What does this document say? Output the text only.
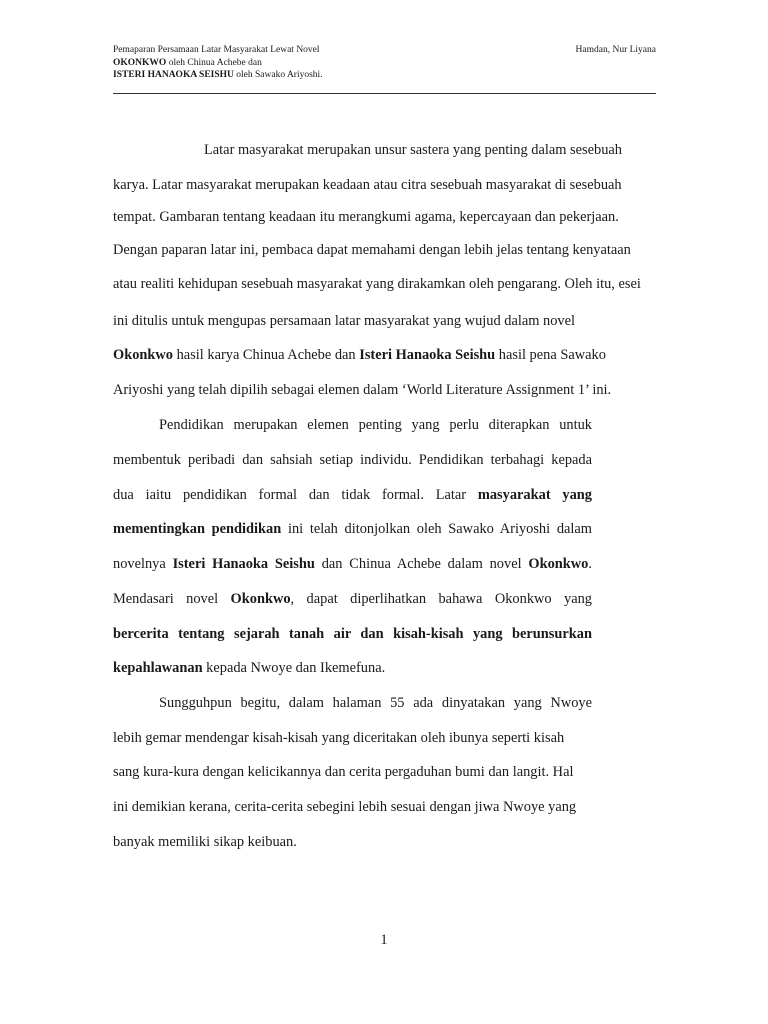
Pemaparan Persamaan Latar Masyarakat Lewat Novel	Hamdan, Nur Liyana
OKONKWO oleh Chinua Achebe dan
ISTERI HANAOKA SEISHU oleh Sawako Ariyoshi.
Latar masyarakat merupakan unsur sastera yang penting dalam sesebuah
karya. Latar masyarakat merupakan keadaan atau citra sesebuah masyarakat di sesebuah
tempat. Gambaran tentang keadaan itu merangkumi agama, kepercayaan dan pekerjaan.
Dengan paparan latar ini, pembaca dapat memahami dengan lebih jelas tentang kenyataan
atau realiti kehidupan sesebuah masyarakat yang dirakamkan oleh pengarang. Oleh itu, esei
ini ditulis untuk mengupas persamaan latar masyarakat yang wujud dalam novel
Okonkwo hasil karya Chinua Achebe dan Isteri Hanaoka Seishu hasil pena Sawako
Ariyoshi yang telah dipilih sebagai elemen dalam ‘World Literature Assignment 1’ ini.
Pendidikan merupakan elemen penting yang perlu diterapkan untuk
membentuk peribadi dan sahsiah setiap individu. Pendidikan terbahagi kepada
dua iaitu pendidikan formal dan tidak formal. Latar masyarakat yang
mementingkan pendidikan ini telah ditonjolkan oleh Sawako Ariyoshi dalam
novelnya Isteri Hanaoka Seishu dan Chinua Achebe dalam novel Okonkwo.
Mendasari novel Okonkwo, dapat diperlihatkan bahawa Okonkwo yang
bercerita tentang sejarah tanah air dan kisah-kisah yang berunsurkan
kepahlawanan kepada Nwoye dan Ikemefuna.
Sungguhpun begitu, dalam halaman 55 ada dinyatakan yang Nwoye
lebih gemar mendengar kisah-kisah yang diceritakan oleh ibunya seperti kisah
sang kura-kura dengan kelicikannya dan cerita pergaduhan bumi dan langit. Hal
ini demikian kerana, cerita-cerita sebegini lebih sesuai dengan jiwa Nwoye yang
banyak memiliki sikap keibuan.
1
